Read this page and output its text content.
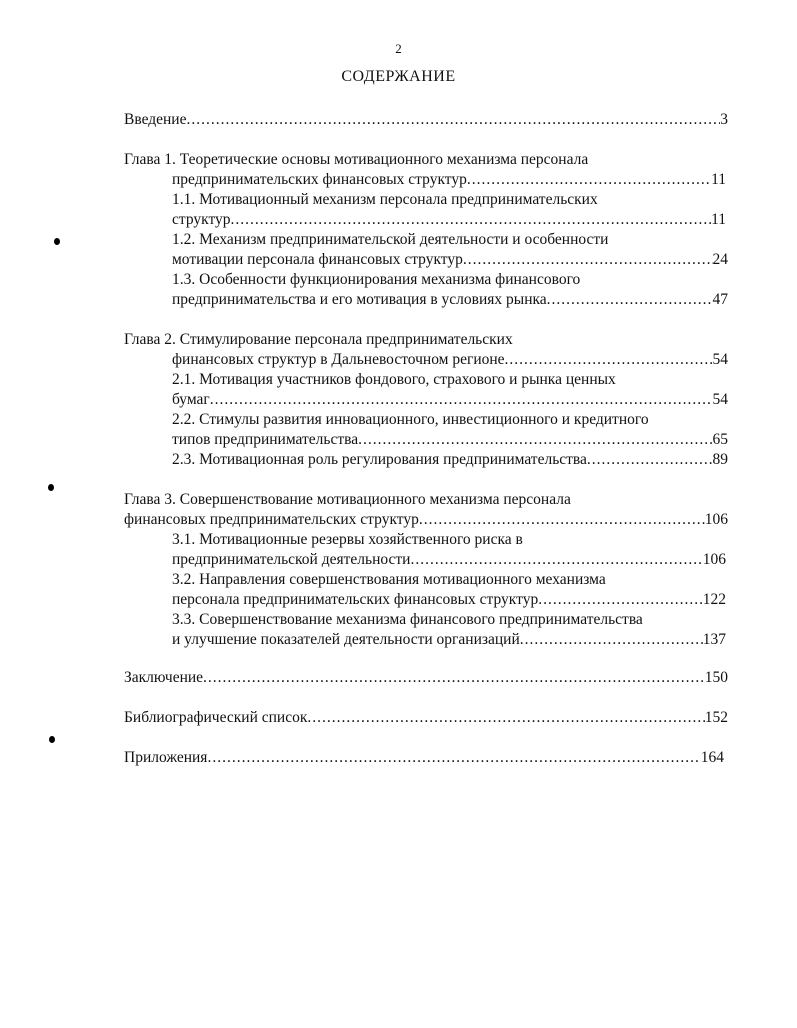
2
СОДЕРЖАНИЕ
Введение .....	3
Глава 1. Теоретические основы мотивационного механизма персонала
предпринимательских финансовых структур .....	11
1.1. Мотивационный механизм персонала предпринимательских
структур .....	11
1.2. Механизм предпринимательской деятельности и особенности
мотивации персонала финансовых структур .....	24
1.3. Особенности функционирования механизма финансового
предпринимательства и его мотивация в условиях рынка .....	47
Глава 2. Стимулирование персонала предпринимательских
финансовых структур в Дальневосточном регионе .....	54
2.1. Мотивация участников фондового, страхового и рынка ценных
бумаг .....	54
2.2. Стимулы развития инновационного, инвестиционного и кредитного
типов предпринимательства .....	65
2.3. Мотивационная роль регулирования предпринимательства .....	89
Глава 3. Совершенствование мотивационного механизма персонала
финансовых предпринимательских структур .....	106
3.1. Мотивационные резервы хозяйственного риска в
предпринимательской деятельности .....	106
3.2. Направления совершенствования мотивационного механизма
персонала предпринимательских финансовых структур .....	122
3.3. Совершенствование механизма финансового предпринимательства
и улучшение показателей деятельности организаций .....	137
Заключение .....	150
Библиографический список .....	152
Приложения .....	164
